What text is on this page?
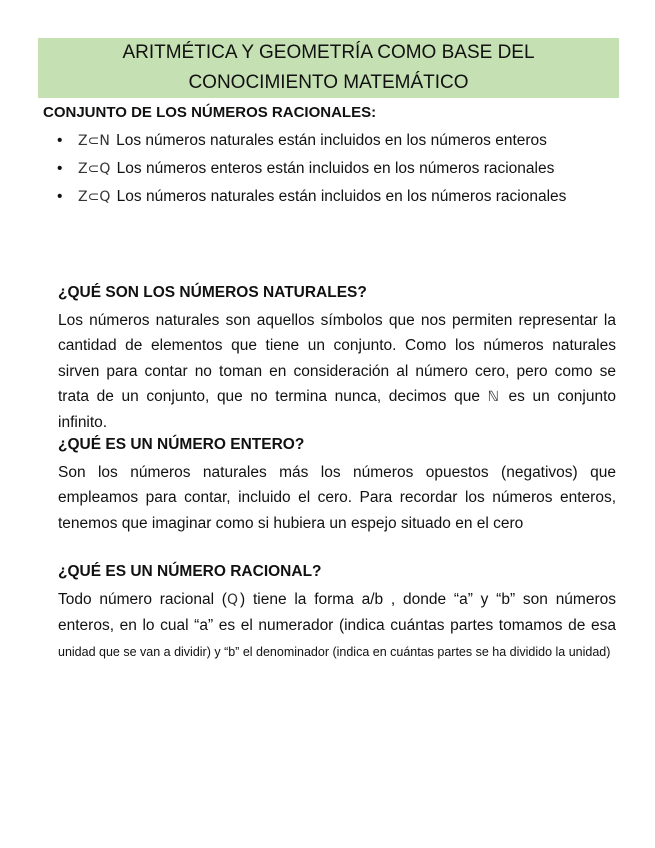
ARITMÉTICA Y GEOMETRÍA COMO BASE DEL
CONOCIMIENTO MATEMÁTICO
CONJUNTO DE LOS NÚMEROS RACIONALES:
• Z⊂N Los números naturales están incluidos en los números enteros
• Z⊂Q Los números enteros están incluidos en los números racionales
• Z⊂Q Los números naturales están incluidos en los números racionales
¿QUÉ SON LOS NÚMEROS NATURALES?
Los números naturales son aquellos símbolos que nos permiten representar la cantidad de elementos que tiene un conjunto. Como los números naturales sirven para contar no toman en consideración al número cero, pero como se trata de un conjunto, que no termina nunca, decimos que ℕ es un conjunto infinito.
¿QUÉ ES UN NÚMERO ENTERO?
Son los números naturales más los números opuestos (negativos) que empleamos para contar, incluido el cero. Para recordar los números enteros, tenemos que imaginar como si hubiera un espejo situado en el cero
¿QUÉ ES UN NÚMERO RACIONAL?
Todo número racional (Q ) tiene la forma a/b , donde “a” y “b” son números enteros, en lo cual “a” es el numerador (indica cuántas partes tomamos de esa unidad que se van a dividir) y “b” el denominador (indica en cuántas partes se ha dividido la unidad)
